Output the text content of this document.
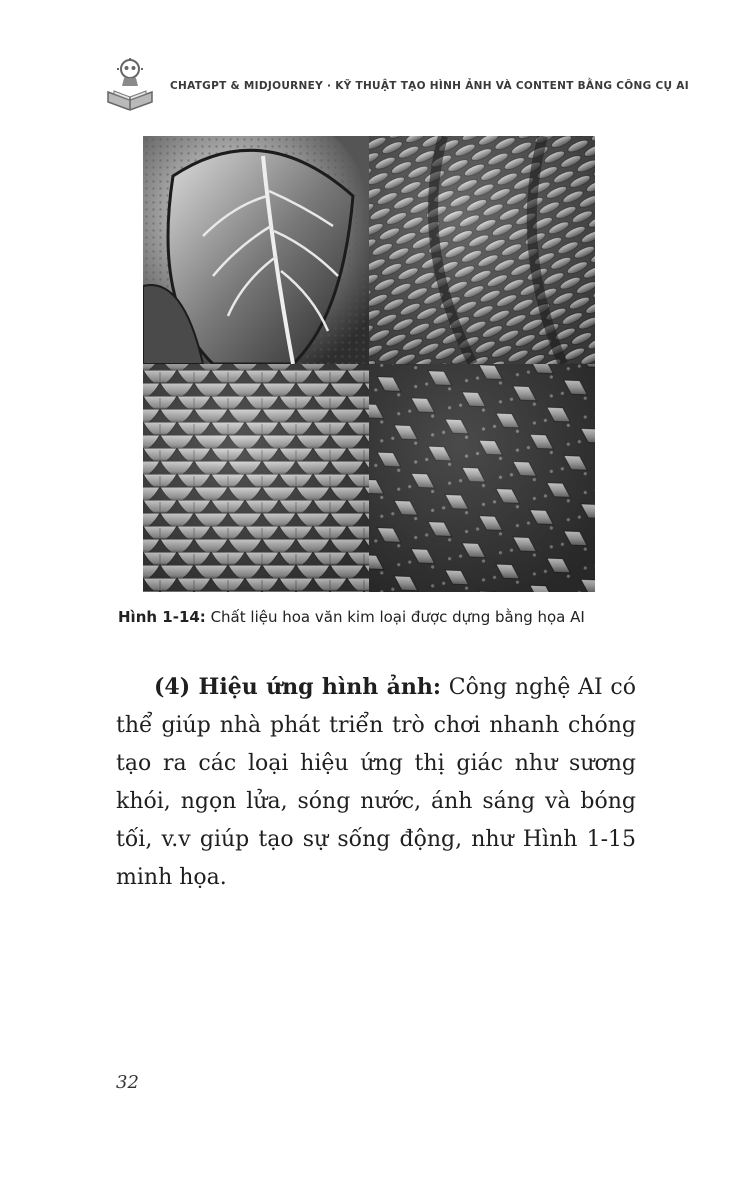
CHATGPT & MIDJOURNEY · KỸ THUẬT TẠO HÌNH ẢNH VÀ CONTENT BẰNG CÔNG CỤ AI
Hình 1-14: Chất liệu hoa văn kim loại được dựng bằng họa AI

(4) Hiệu ứng hình ảnh: Công nghệ AI có thể giúp nhà phát triển trò chơi nhanh chóng tạo ra các loại hiệu ứng thị giác như sương khói, ngọn lửa, sóng nước, ánh sáng và bóng tối, v.v giúp tạo sự sống động, như Hình 1-15 minh họa.

32
